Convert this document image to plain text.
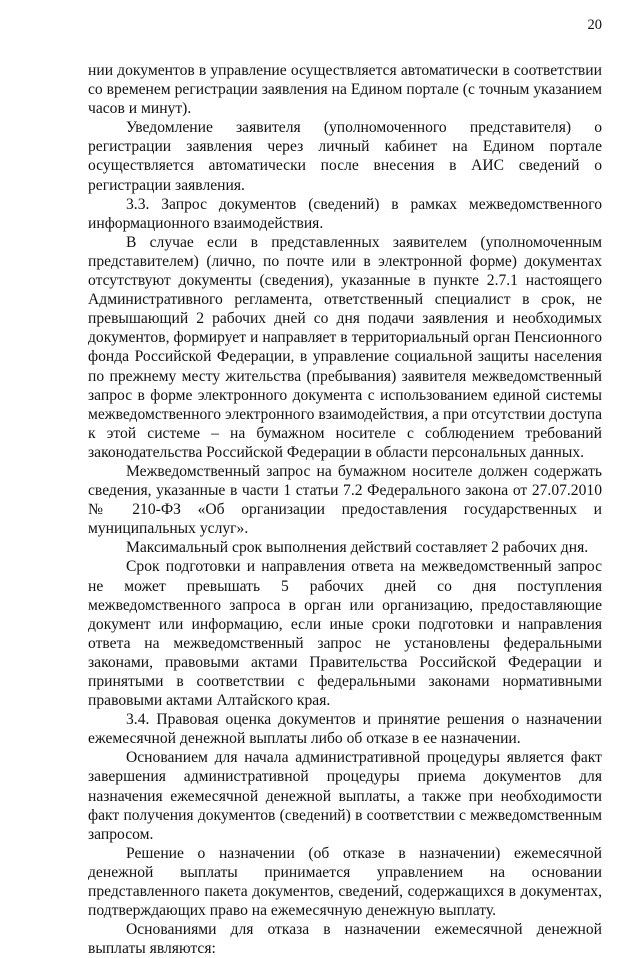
20

нии документов в управление осуществляется автоматически в соответствии со временем регистрации заявления на Едином портале (с точным указанием часов и минут).

Уведомление заявителя (уполномоченного представителя) о регистрации заявления через личный кабинет на Едином портале осуществляется автоматически после внесения в АИС сведений о регистрации заявления.

3.3. Запрос документов (сведений) в рамках межведомственного информационного взаимодействия.

В случае если в представленных заявителем (уполномоченным представителем) (лично, по почте или в электронной форме) документах отсутствуют документы (сведения), указанные в пункте 2.7.1 настоящего Административного регламента, ответственный специалист в срок, не превышающий 2 рабочих дней со дня подачи заявления и необходимых документов, формирует и направляет в территориальный орган Пенсионного фонда Российской Федерации, в управление социальной защиты населения по прежнему месту жительства (пребывания) заявителя межведомственный запрос в форме электронного документа с использованием единой системы межведомственного электронного взаимодействия, а при отсутствии доступа к этой системе – на бумажном носителе с соблюдением требований законодательства Российской Федерации в области персональных данных.

Межведомственный запрос на бумажном носителе должен содержать сведения, указанные в части 1 статьи 7.2 Федерального закона от 27.07.2010 № 210-ФЗ «Об организации предоставления государственных и муниципальных услуг».

Максимальный срок выполнения действий составляет 2 рабочих дня.

Срок подготовки и направления ответа на межведомственный запрос не может превышать 5 рабочих дней со дня поступления межведомственного запроса в орган или организацию, предоставляющие документ или информацию, если иные сроки подготовки и направления ответа на межведомственный запрос не установлены федеральными законами, правовыми актами Правительства Российской Федерации и принятыми в соответствии с федеральными законами нормативными правовыми актами Алтайского края.

3.4. Правовая оценка документов и принятие решения о назначении ежемесячной денежной выплаты либо об отказе в ее назначении.

Основанием для начала административной процедуры является факт завершения административной процедуры приема документов для назначения ежемесячной денежной выплаты, а также при необходимости факт получения документов (сведений) в соответствии с межведомственным запросом.

Решение о назначении (об отказе в назначении) ежемесячной денежной выплаты принимается управлением на основании представленного пакета документов, сведений, содержащихся в документах, подтверждающих право на ежемесячную денежную выплату.

Основаниями для отказа в назначении ежемесячной денежной выплаты являются:
